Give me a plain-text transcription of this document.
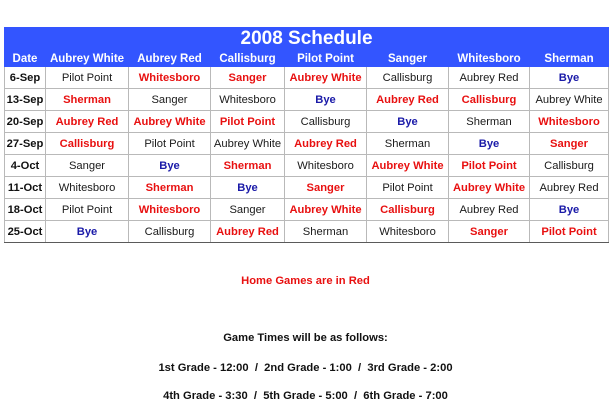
2008 Schedule							
Date	Aubrey White	Aubrey Red	Callisburg	Pilot Point	Sanger	Whitesboro	Sherman
6-Sep	Pilot Point	Whitesboro	Sanger	Aubrey White	Callisburg	Aubrey Red	Bye
13-Sep	Sherman	Sanger	Whitesboro	Bye	Aubrey Red	Callisburg	Aubrey White
20-Sep	Aubrey Red	Aubrey White	Pilot Point	Callisburg	Bye	Sherman	Whitesboro
27-Sep	Callisburg	Pilot Point	Aubrey White	Aubrey Red	Sherman	Bye	Sanger
4-Oct	Sanger	Bye	Sherman	Whitesboro	Aubrey White	Pilot Point	Callisburg
11-Oct	Whitesboro	Sherman	Bye	Sanger	Pilot Point	Aubrey White	Aubrey Red
18-Oct	Pilot Point	Whitesboro	Sanger	Aubrey White	Callisburg	Aubrey Red	Bye
25-Oct	Bye	Callisburg	Aubrey Red	Sherman	Whitesboro	Sanger	Pilot Point
Home Games are in Red
Game Times will be as follows:
1st Grade - 12:00  /  2nd Grade - 1:00  /  3rd Grade - 2:00
4th Grade - 3:30  /  5th Grade - 5:00  /  6th Grade - 7:00
